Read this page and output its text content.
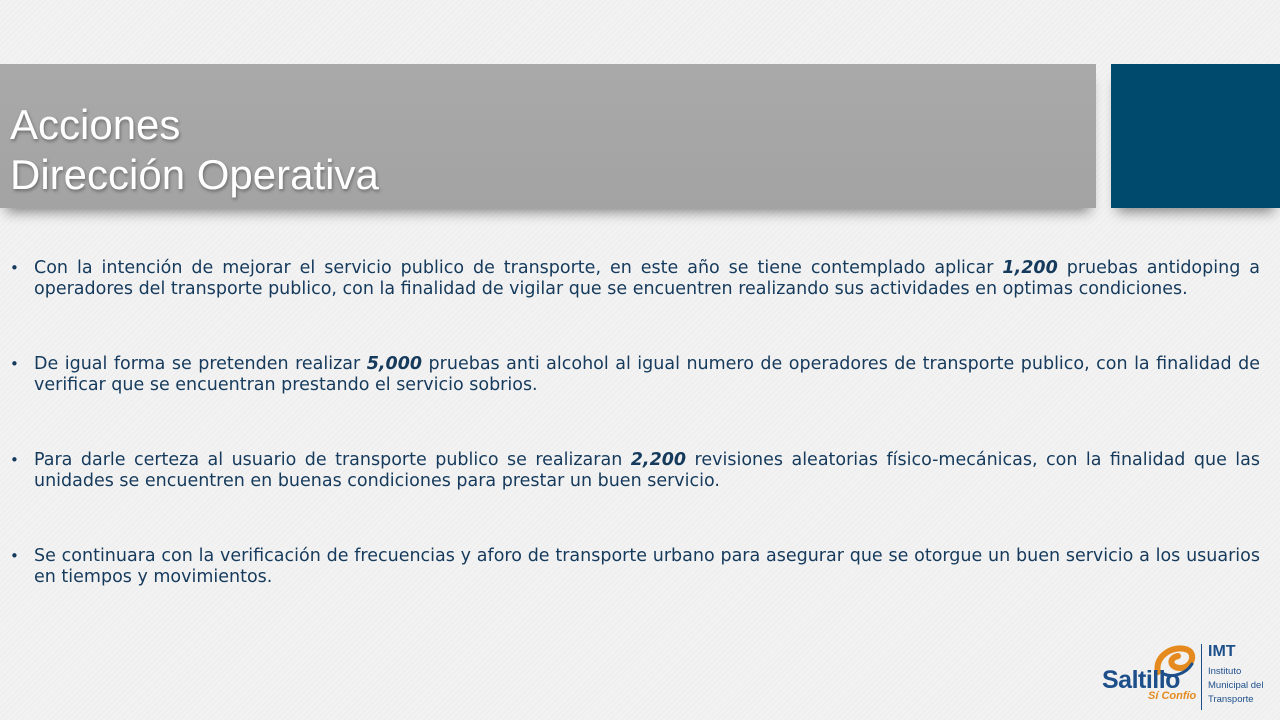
Acciones
Dirección Operativa

• Con la intención de mejorar el servicio publico de transporte, en este año se tiene contemplado aplicar 1,200 pruebas antidoping a operadores del transporte publico, con la finalidad de vigilar que se encuentren realizando sus actividades en optimas condiciones.

• De igual forma se pretenden realizar 5,000 pruebas anti alcohol al igual numero de operadores de transporte publico, con la finalidad de verificar que se encuentran prestando el servicio sobrios.

• Para darle certeza al usuario de transporte publico se realizaran 2,200 revisiones aleatorias físico-mecánicas, con la finalidad que las unidades se encuentren en buenas condiciones para prestar un buen servicio.

• Se continuara con la verificación de frecuencias y aforo de transporte urbano para asegurar que se otorgue un buen servicio a los usuarios en tiempos y movimientos.

Saltillo
Sí Confío
IMT
Instituto
Municipal del
Transporte
